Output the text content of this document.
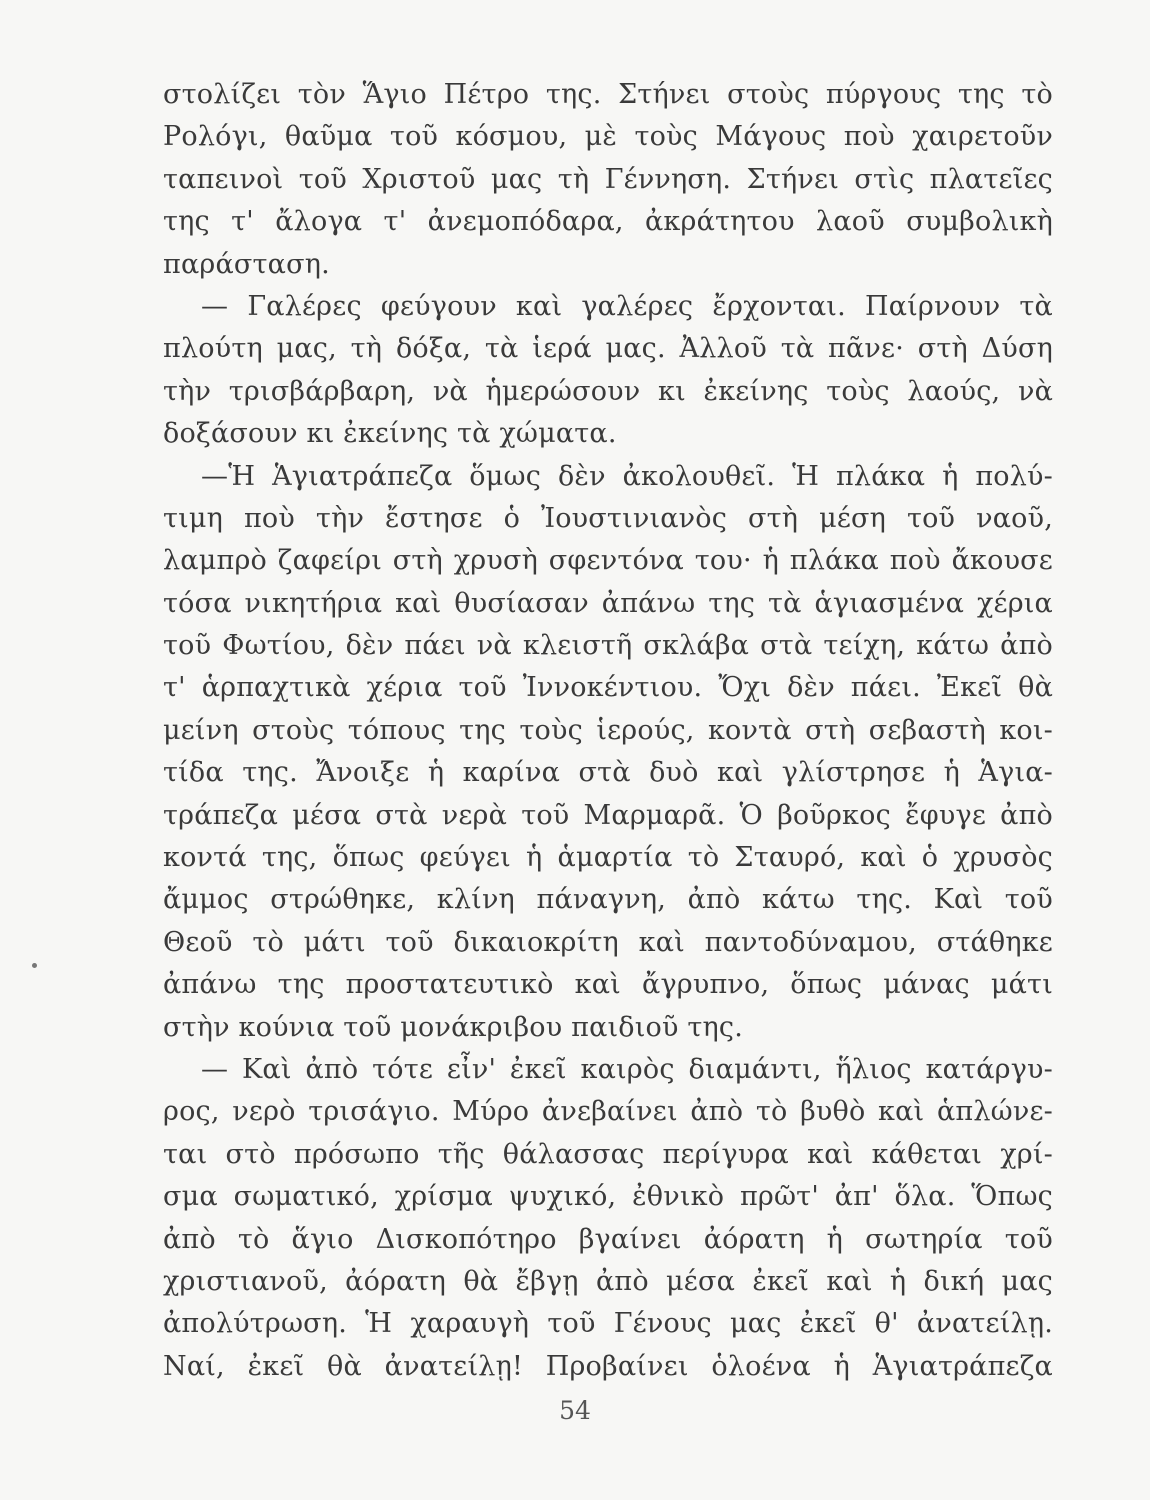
στολίζει τὸν Ἅγιο Πέτρο της. Στήνει στοὺς πύργους της τὸ
Ρολόγι, θαῦμα τοῦ κόσμου, μὲ τοὺς Μάγους ποὺ χαιρετοῦν
ταπεινοὶ τοῦ Χριστοῦ μας τὴ Γέννηση. Στήνει στὶς πλατεῖες
της τ' ἄλογα τ' ἀνεμοπόδαρα, ἀκράτητου λαοῦ συμβολικὴ
παράσταση.
— Γαλέρες φεύγουν καὶ γαλέρες ἔρχονται. Παίρνουν τὰ
πλούτη μας, τὴ δόξα, τὰ ἱερά μας. Ἀλλοῦ τὰ πᾶνε· στὴ Δύση
τὴν τρισβάρβαρη, νὰ ἡμερώσουν κι ἐκείνης τοὺς λαούς, νὰ
δοξάσουν κι ἐκείνης τὰ χώματα.
—Ἡ Ἁγιατράπεζα ὅμως δὲν ἀκολουθεῖ. Ἡ πλάκα ἡ πολύ-
τιμη ποὺ τὴν ἔστησε ὁ Ἰουστινιανὸς στὴ μέση τοῦ ναοῦ,
λαμπρὸ ζαφείρι στὴ χρυσὴ σφεντόνα του· ἡ πλάκα ποὺ ἄκουσε
τόσα νικητήρια καὶ θυσίασαν ἀπάνω της τὰ ἁγιασμένα χέρια
τοῦ Φωτίου, δὲν πάει νὰ κλειστῆ σκλάβα στὰ τείχη, κάτω ἀπὸ
τ' ἁρπαχτικὰ χέρια τοῦ Ἰννοκέντιου. Ὄχι δὲν πάει. Ἐκεῖ θὰ
μείνη στοὺς τόπους της τοὺς ἱερούς, κοντὰ στὴ σεβαστὴ κοι-
τίδα της. Ἄνοιξε ἡ καρίνα στὰ δυὸ καὶ γλίστρησε ἡ Ἁγια-
τράπεζα μέσα στὰ νερὰ τοῦ Μαρμαρᾶ. Ὁ βοῦρκος ἔφυγε ἀπὸ
κοντά της, ὅπως φεύγει ἡ ἁμαρτία τὸ Σταυρό, καὶ ὁ χρυσὸς
ἄμμος στρώθηκε, κλίνη πάναγνη, ἀπὸ κάτω της. Καὶ τοῦ
Θεοῦ τὸ μάτι τοῦ δικαιοκρίτη καὶ παντοδύναμου, στάθηκε
ἀπάνω της προστατευτικὸ καὶ ἄγρυπνο, ὅπως μάνας μάτι
στὴν κούνια τοῦ μονάκριβου παιδιοῦ της.
— Καὶ ἀπὸ τότε εἶν' ἐκεῖ καιρὸς διαμάντι, ἥλιος κατάργυ-
ρος, νερὸ τρισάγιο. Μύρο ἀνεβαίνει ἀπὸ τὸ βυθὸ καὶ ἁπλώνε-
ται στὸ πρόσωπο τῆς θάλασσας περίγυρα καὶ κάθεται χρί-
σμα σωματικό, χρίσμα ψυχικό, ἐθνικὸ πρῶτ' ἀπ' ὅλα. Ὅπως
ἀπὸ τὸ ἅγιο Δισκοπότηρο βγαίνει ἀόρατη ἡ σωτηρία τοῦ
χριστιανοῦ, ἀόρατη θὰ ἔβγῃ ἀπὸ μέσα ἐκεῖ καὶ ἡ δική μας
ἀπολύτρωση. Ἡ χαραυγὴ τοῦ Γένους μας ἐκεῖ θ' ἀνατείλῃ.
Ναί, ἐκεῖ θὰ ἀνατείλῃ! Προβαίνει ὁλοένα ἡ Ἁγιατράπεζα
54
